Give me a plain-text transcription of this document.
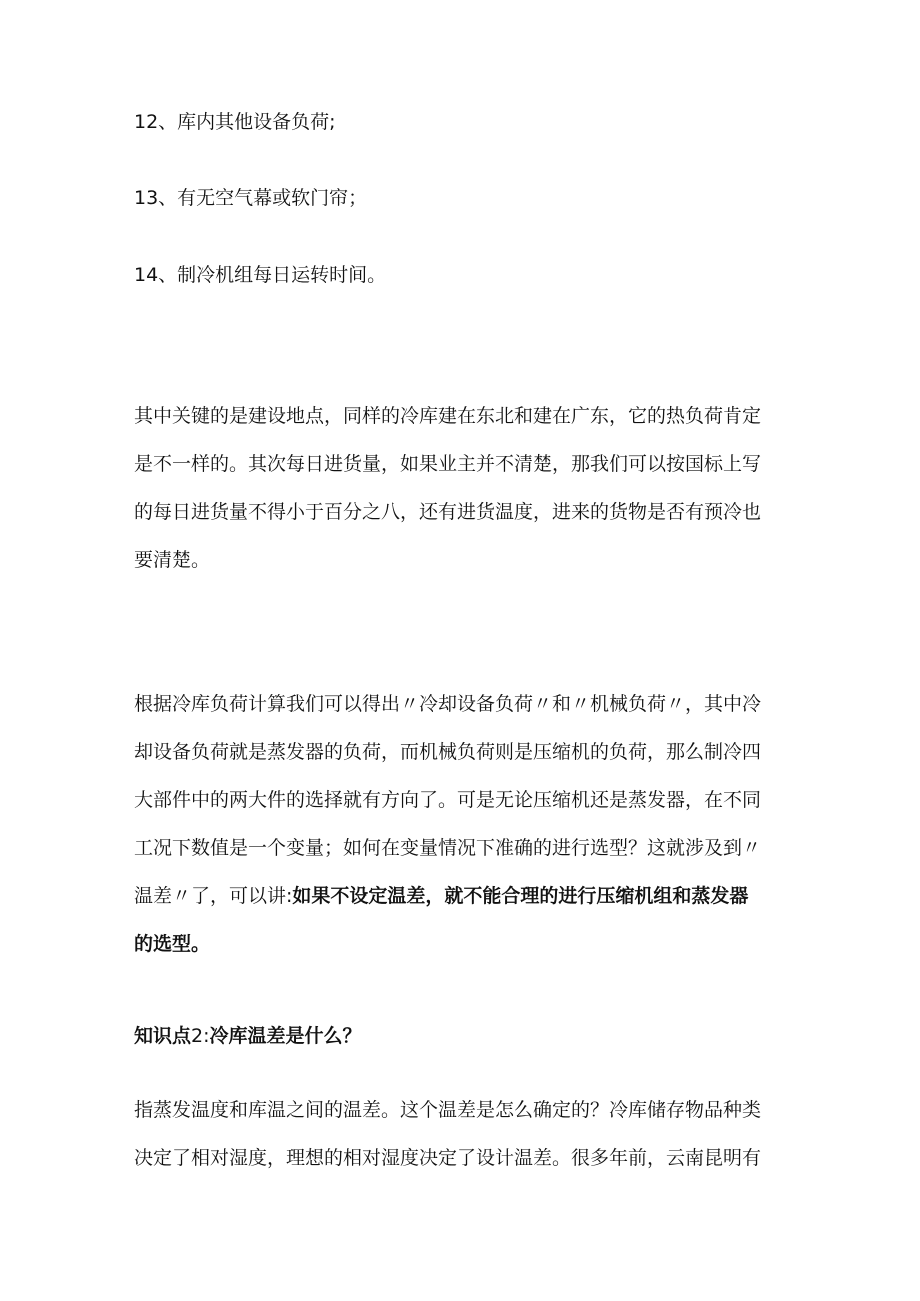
12、库内其他设备负荷;
13、有无空气幕或软门帘；
14、制冷机组每日运转时间。
其中关键的是建设地点，同样的冷库建在东北和建在广东，它的热负荷肯定
是不一样的。其次每日进货量，如果业主并不清楚，那我们可以按国标上写
的每日进货量不得小于百分之八，还有进货温度，进来的货物是否有预冷也
要清楚。
根据冷库负荷计算我们可以得出〃冷却设备负荷〃和〃机械负荷〃，其中冷
却设备负荷就是蒸发器的负荷，而机械负荷则是压缩机的负荷，那么制冷四
大部件中的两大件的选择就有方向了。可是无论压缩机还是蒸发器，在不同
工况下数值是一个变量；如何在变量情况下准确的进行选型？这就涉及到〃
温差〃了，可以讲:如果不设定温差，就不能合理的进行压缩机组和蒸发器
的选型。
知识点2:冷库温差是什么？
指蒸发温度和库温之间的温差。这个温差是怎么确定的？冷库储存物品种类
决定了相对湿度，理想的相对湿度决定了设计温差。很多年前，云南昆明有
